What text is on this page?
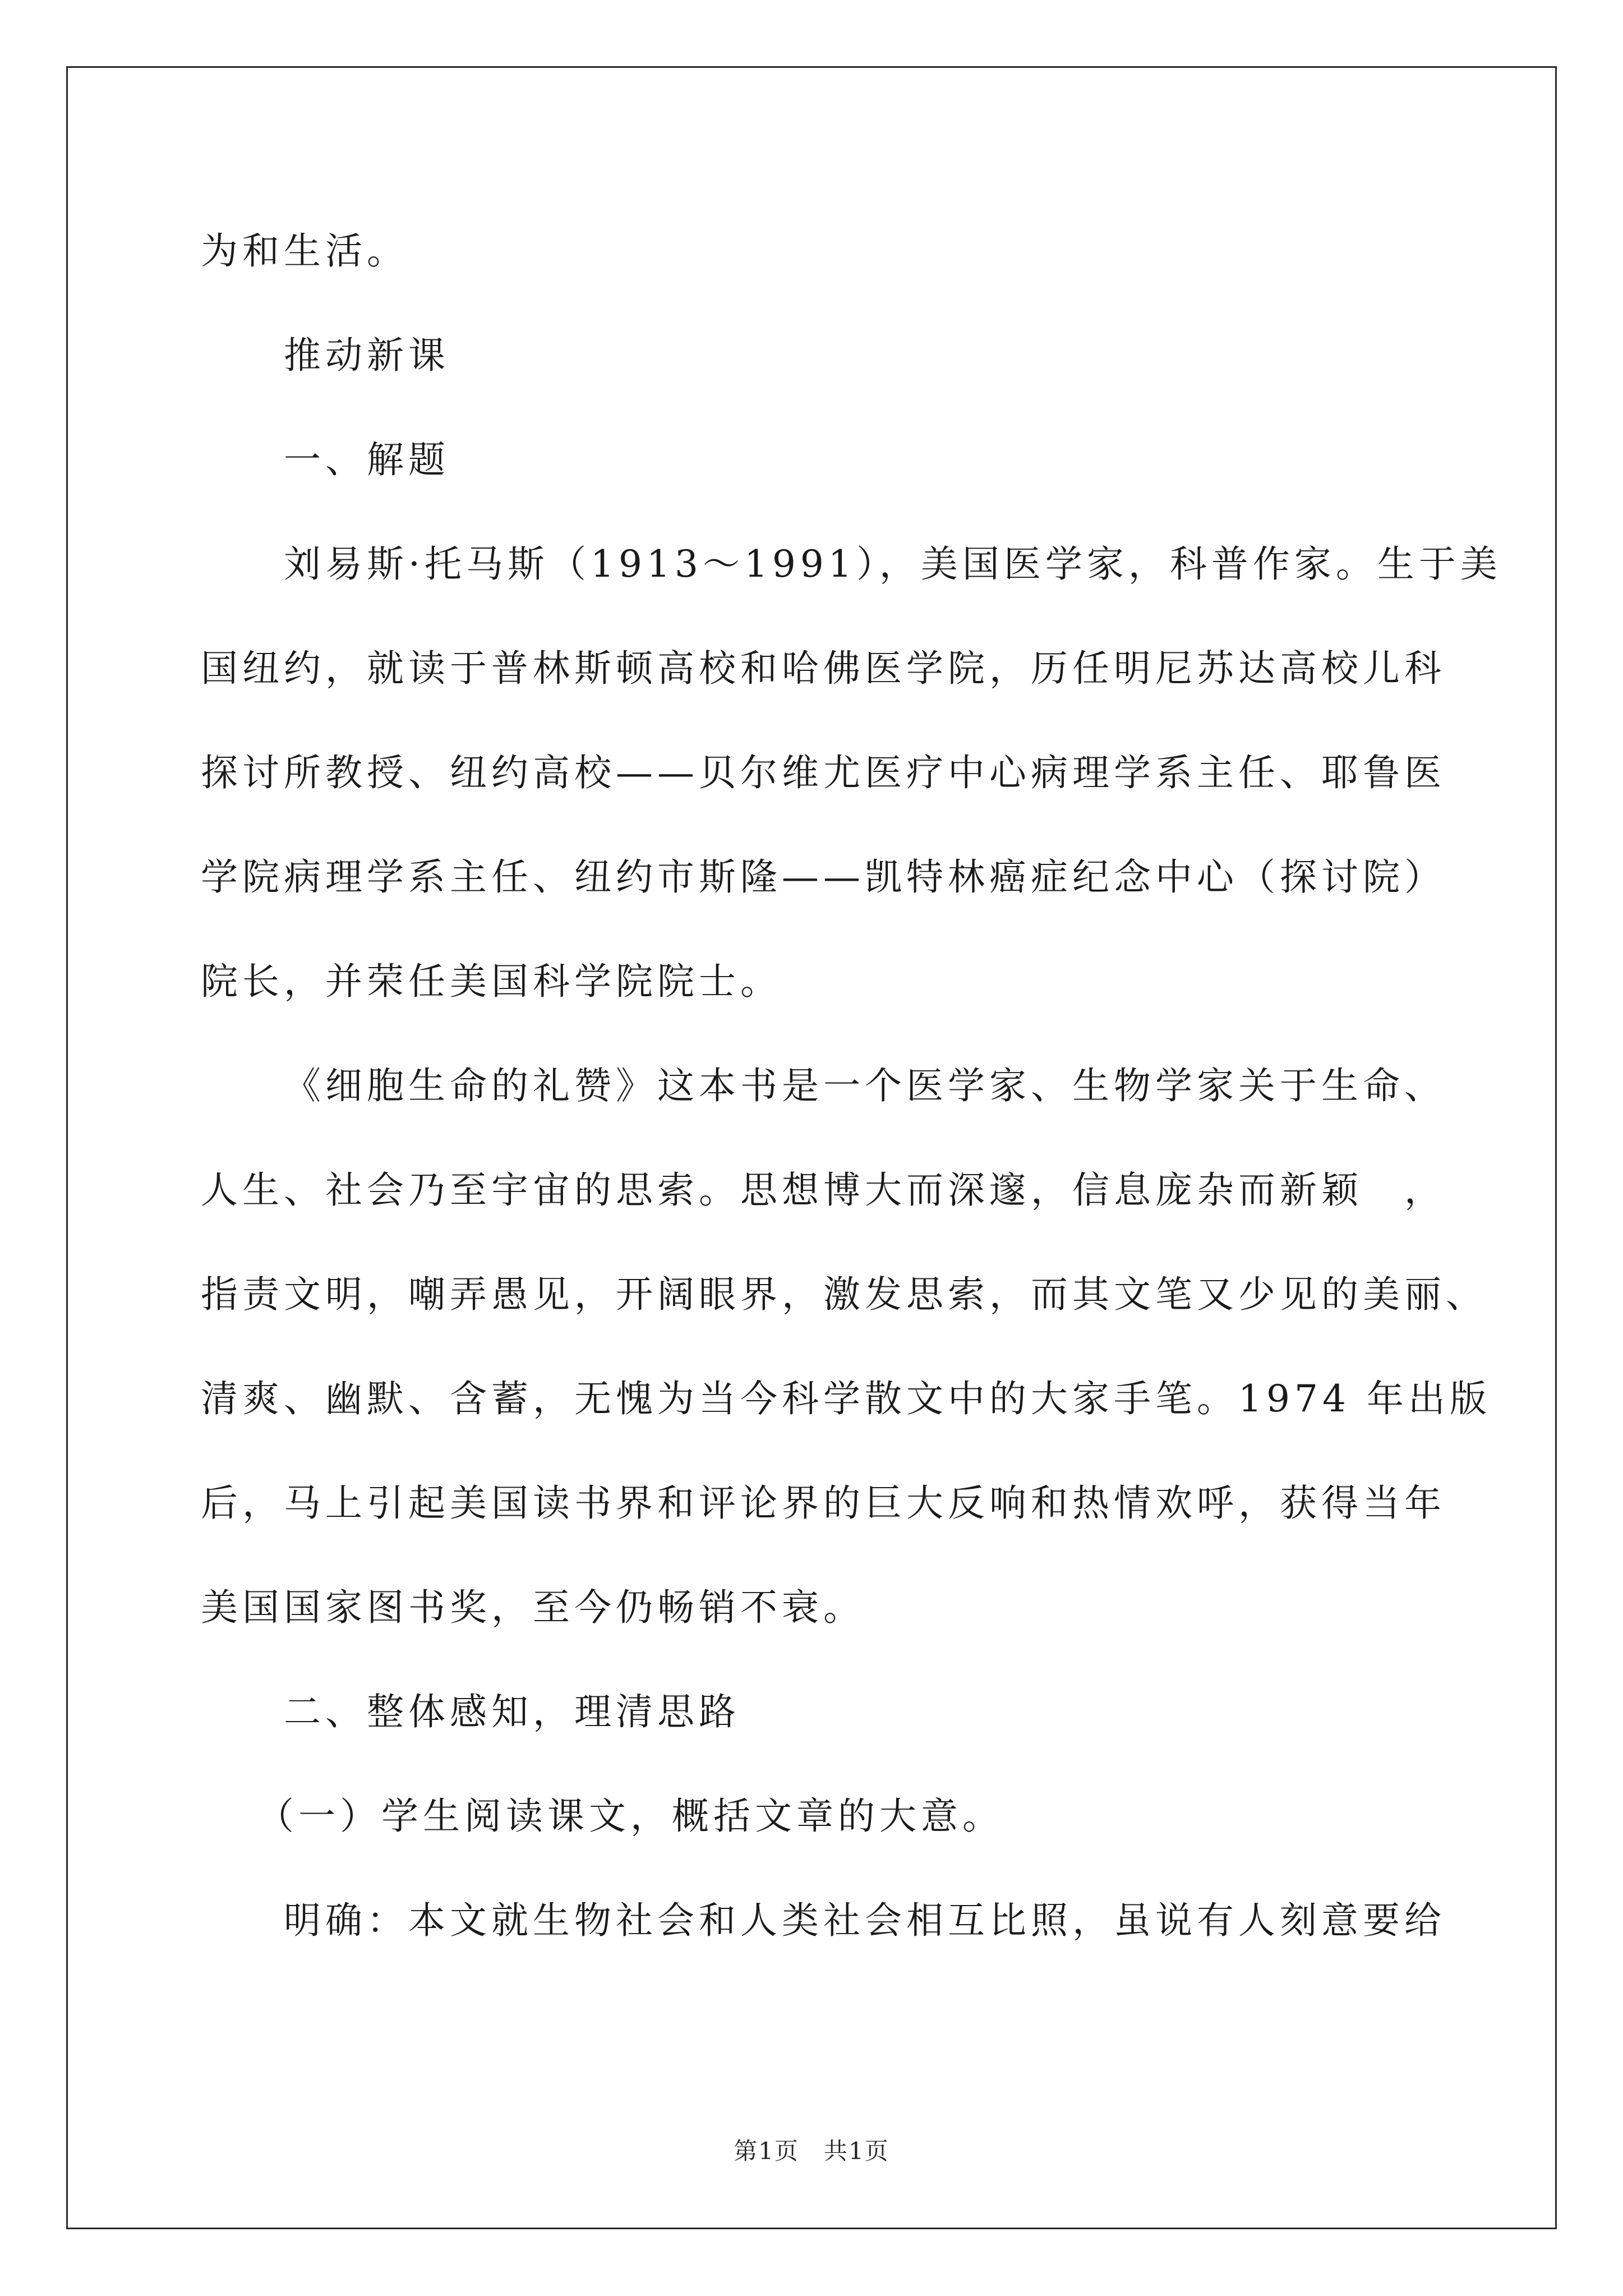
为和生活。
推动新课
一、解题
刘易斯·托马斯（1913～1991），美国医学家，科普作家。生于美
国纽约，就读于普林斯顿高校和哈佛医学院，历任明尼苏达高校儿科
探讨所教授、纽约高校——贝尔维尤医疗中心病理学系主任、耶鲁医
学院病理学系主任、纽约市斯隆——凯特林癌症纪念中心（探讨院）
院长，并荣任美国科学院院士。
《细胞生命的礼赞》这本书是一个医学家、生物学家关于生命、
人生、社会乃至宇宙的思索。思想博大而深邃，信息庞杂而新颖　，
指责文明，嘲弄愚见，开阔眼界，激发思索，而其文笔又少见的美丽、
清爽、幽默、含蓄，无愧为当今科学散文中的大家手笔。1974 年出版
后，马上引起美国读书界和评论界的巨大反响和热情欢呼，获得当年
美国国家图书奖，至今仍畅销不衰。
二、整体感知，理清思路
（一）学生阅读课文，概括文章的大意。
明确：本文就生物社会和人类社会相互比照，虽说有人刻意要给
第1页　共1页
